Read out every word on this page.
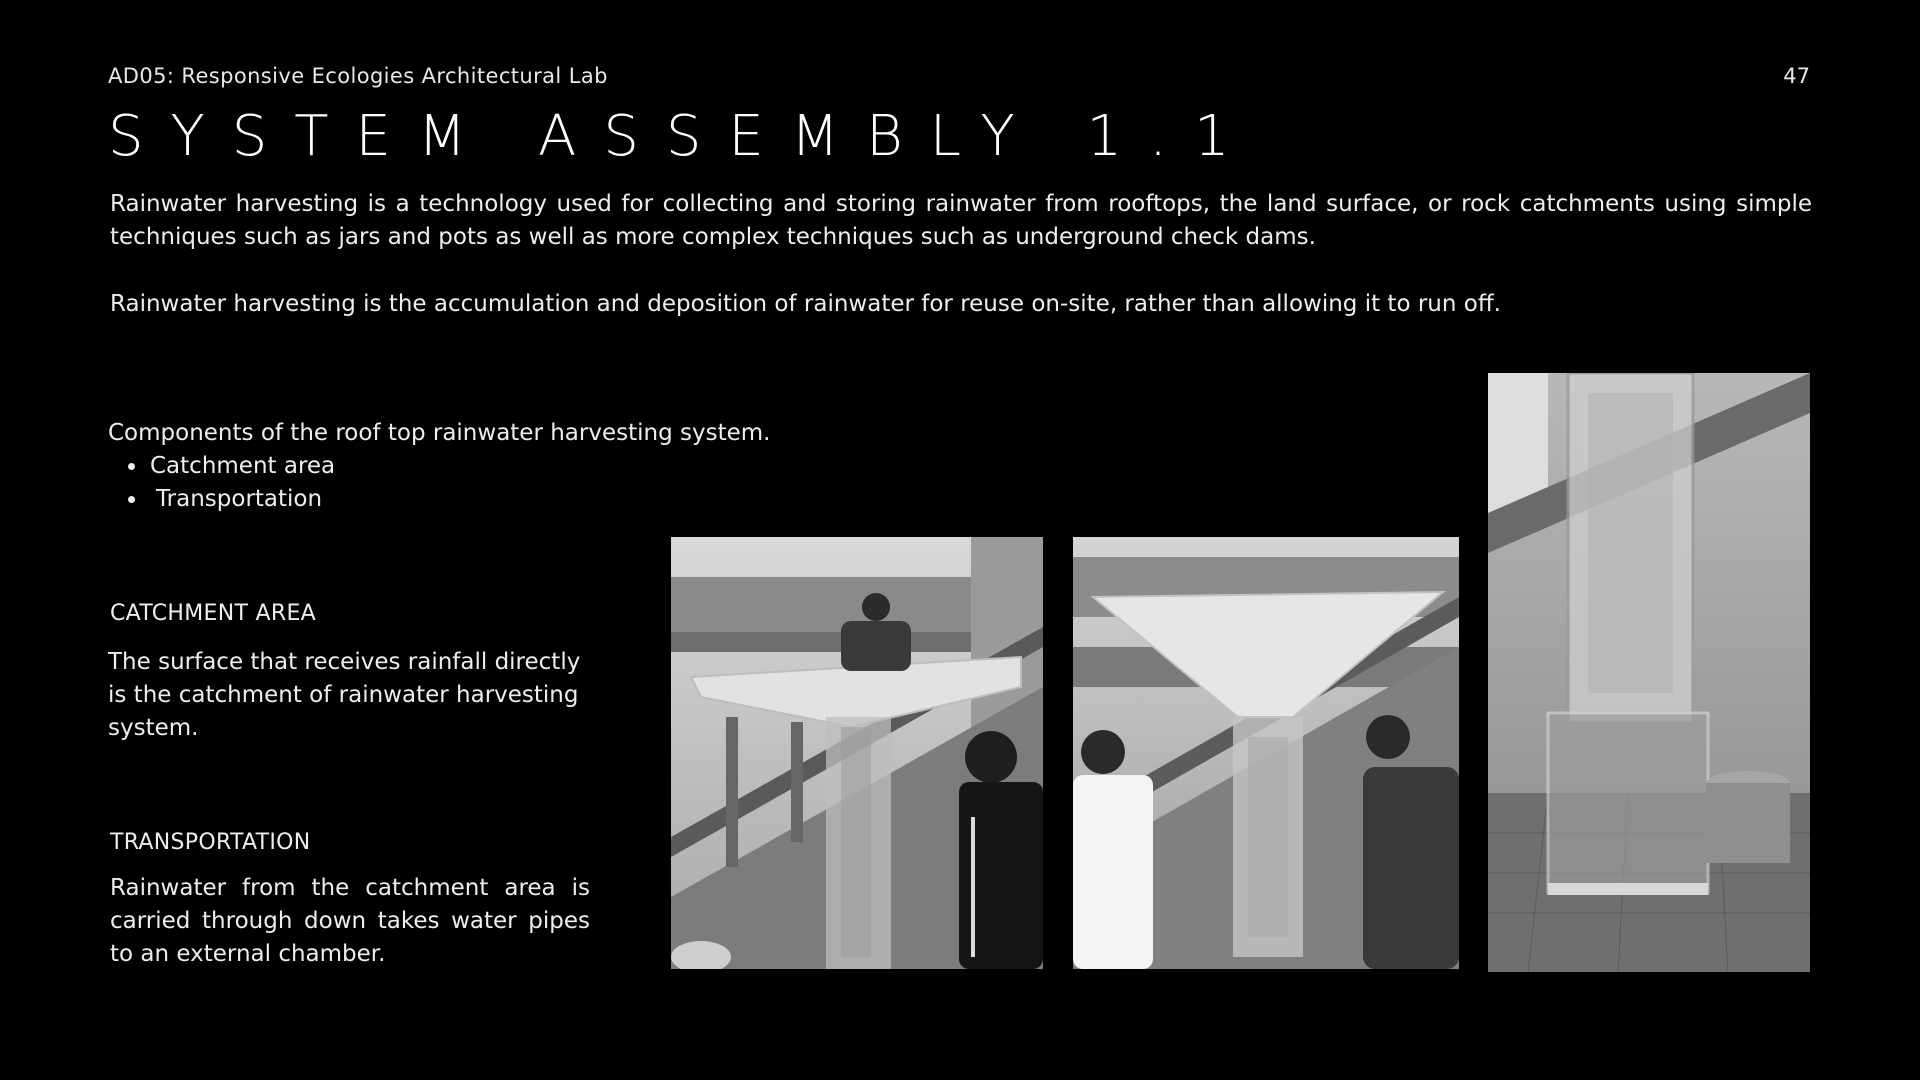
AD05: Responsive Ecologies Architectural Lab	47
SYSTEM ASSEMBLY 1.1

Rainwater harvesting is a technology used for collecting and storing rainwater from rooftops, the land surface, or rock catchments using simple techniques such as jars and pots as well as more complex techniques such as underground check dams.

Rainwater harvesting is the accumulation and deposition of rainwater for reuse on-site, rather than allowing it to run off.

Components of the roof top rainwater harvesting system.
• Catchment area
• Transportation
CATCHMENT AREA

The surface that receives rainfall directly is the catchment of rainwater harvesting system.

TRANSPORTATION

Rainwater from the catchment area is carried through down takes water pipes to an external chamber.
